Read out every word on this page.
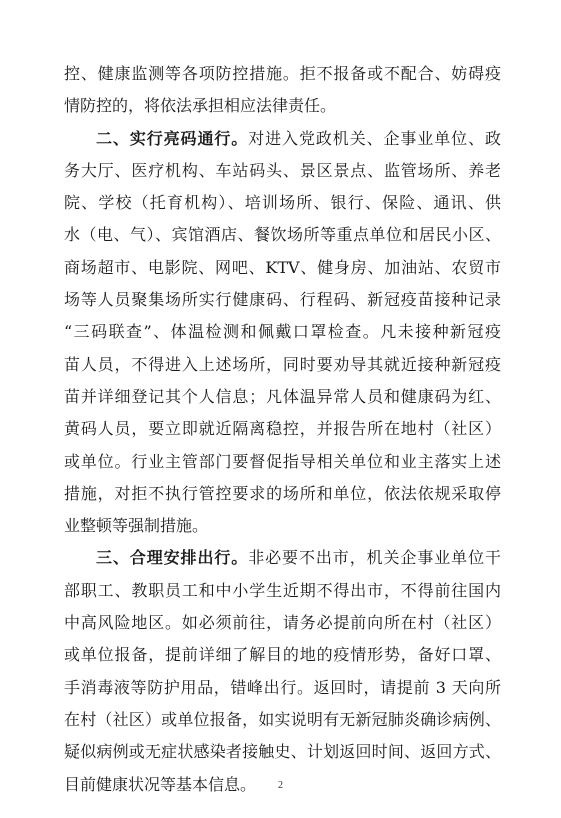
控、健康监测等各项防控措施。拒不报备或不配合、妨碍疫
情防控的，将依法承担相应法律责任。
二、实行亮码通行。对进入党政机关、企事业单位、政
务大厅、医疗机构、车站码头、景区景点、监管场所、养老
院、学校（托育机构）、培训场所、银行、保险、通讯、供
水（电、气）、宾馆酒店、餐饮场所等重点单位和居民小区、
商场超市、电影院、网吧、KTV、健身房、加油站、农贸市
场等人员聚集场所实行健康码、行程码、新冠疫苗接种记录
“三码联查”、体温检测和佩戴口罩检查。凡未接种新冠疫
苗人员，不得进入上述场所，同时要劝导其就近接种新冠疫
苗并详细登记其个人信息；凡体温异常人员和健康码为红、
黄码人员，要立即就近隔离稳控，并报告所在地村（社区）
或单位。行业主管部门要督促指导相关单位和业主落实上述
措施，对拒不执行管控要求的场所和单位，依法依规采取停
业整顿等强制措施。
三、合理安排出行。非必要不出市，机关企事业单位干
部职工、教职员工和中小学生近期不得出市，不得前往国内
中高风险地区。如必须前往，请务必提前向所在村（社区）
或单位报备，提前详细了解目的地的疫情形势，备好口罩、
手消毒液等防护用品，错峰出行。返回时，请提前 3 天向所
在村（社区）或单位报备，如实说明有无新冠肺炎确诊病例、
疑似病例或无症状感染者接触史、计划返回时间、返回方式、
目前健康状况等基本信息。	2
